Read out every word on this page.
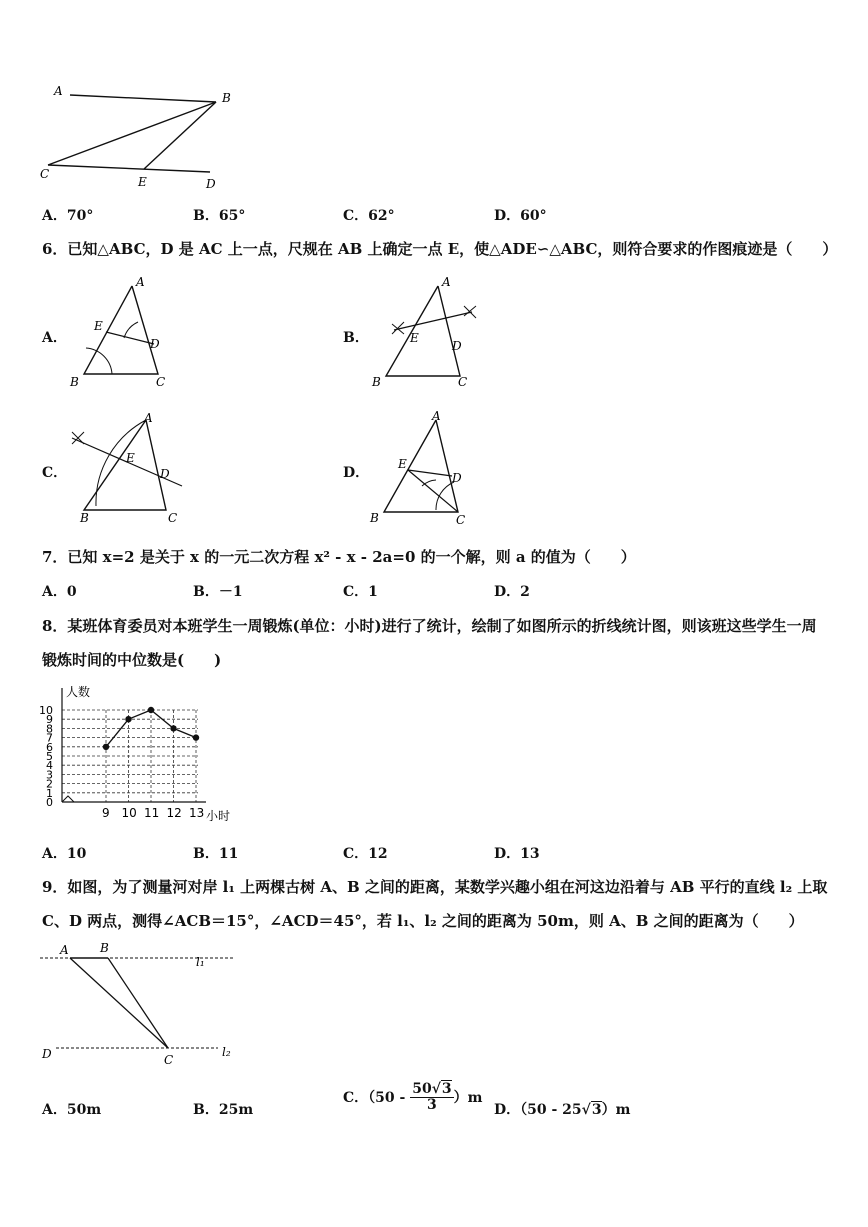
A	B
C
E	D
A．70°	B．65°	C．62°	D．60°
6．已知△ABC，D 是 AC 上一点，尺规在 AB 上确定一点 E，使△ADE∽△ABC，则符合要求的作图痕迹是（　　）
A．	B．
C．	D．
A
E
D
B	C
A
E
D
B	C
A
E
D
B	C
A
E
D
B	C
7．已知 x=2 是关于 x 的一元二次方程 x² - x - 2a=0 的一个解，则 a 的值为（　　）
A．0	B．－1	C．1	D．2
8．某班体育委员对本班学生一周锻炼(单位：小时)进行了统计，绘制了如图所示的折线统计图，则该班这些学生一周
锻炼时间的中位数是(　　)
0
1
2
3
4
5
6
7
8
9
10
9 10 11 12 13
人数
小时
A．10	B．11	C．12	D．13
9．如图，为了测量河对岸 l₁ 上两棵古树 A、B 之间的距离，某数学兴趣小组在河这边沿着与 AB 平行的直线 l₂ 上取
C、D 两点，测得∠ACB＝15°，∠ACD＝45°，若 l₁、l₂ 之间的距离为 50m，则 A、B 之间的距离为（　　）
A	B
l₁
D	C
l₂
A．50m	B．25m
C．$(50 - \frac{50√3}{3} )m$
D．（50 - 25√3）m
